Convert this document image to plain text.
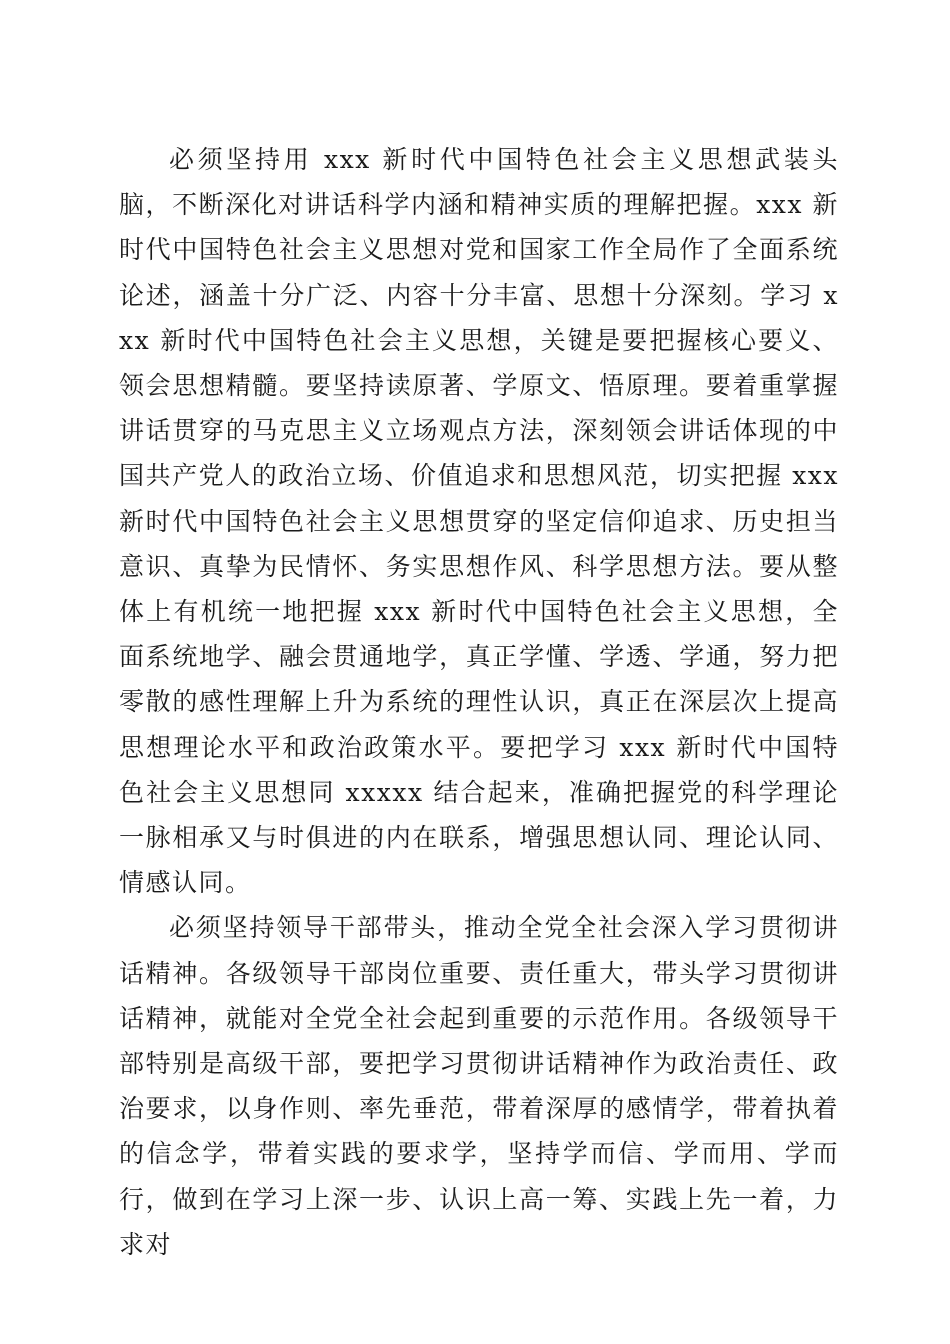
必须坚持用 xxx 新时代中国特色社会主义思想武装头脑，不断深化对讲话科学内涵和精神实质的理解把握。xxx 新时代中国特色社会主义思想对党和国家工作全局作了全面系统论述，涵盖十分广泛、内容十分丰富、思想十分深刻。学习 xxx 新时代中国特色社会主义思想，关键是要把握核心要义、领会思想精髓。要坚持读原著、学原文、悟原理。要着重掌握讲话贯穿的马克思主义立场观点方法，深刻领会讲话体现的中国共产党人的政治立场、价值追求和思想风范，切实把握 xxx 新时代中国特色社会主义思想贯穿的坚定信仰追求、历史担当意识、真挚为民情怀、务实思想作风、科学思想方法。要从整体上有机统一地把握 xxx 新时代中国特色社会主义思想，全面系统地学、融会贯通地学，真正学懂、学透、学通，努力把零散的感性理解上升为系统的理性认识，真正在深层次上提高思想理论水平和政治政策水平。要把学习 xxx 新时代中国特色社会主义思想同 xxxxx 结合起来，准确把握党的科学理论一脉相承又与时俱进的内在联系，增强思想认同、理论认同、情感认同。

必须坚持领导干部带头，推动全党全社会深入学习贯彻讲话精神。各级领导干部岗位重要、责任重大，带头学习贯彻讲话精神，就能对全党全社会起到重要的示范作用。各级领导干部特别是高级干部，要把学习贯彻讲话精神作为政治责任、政治要求，以身作则、率先垂范，带着深厚的感情学，带着执着的信念学，带着实践的要求学，坚持学而信、学而用、学而行，做到在学习上深一步、认识上高一筹、实践上先一着，力求对
